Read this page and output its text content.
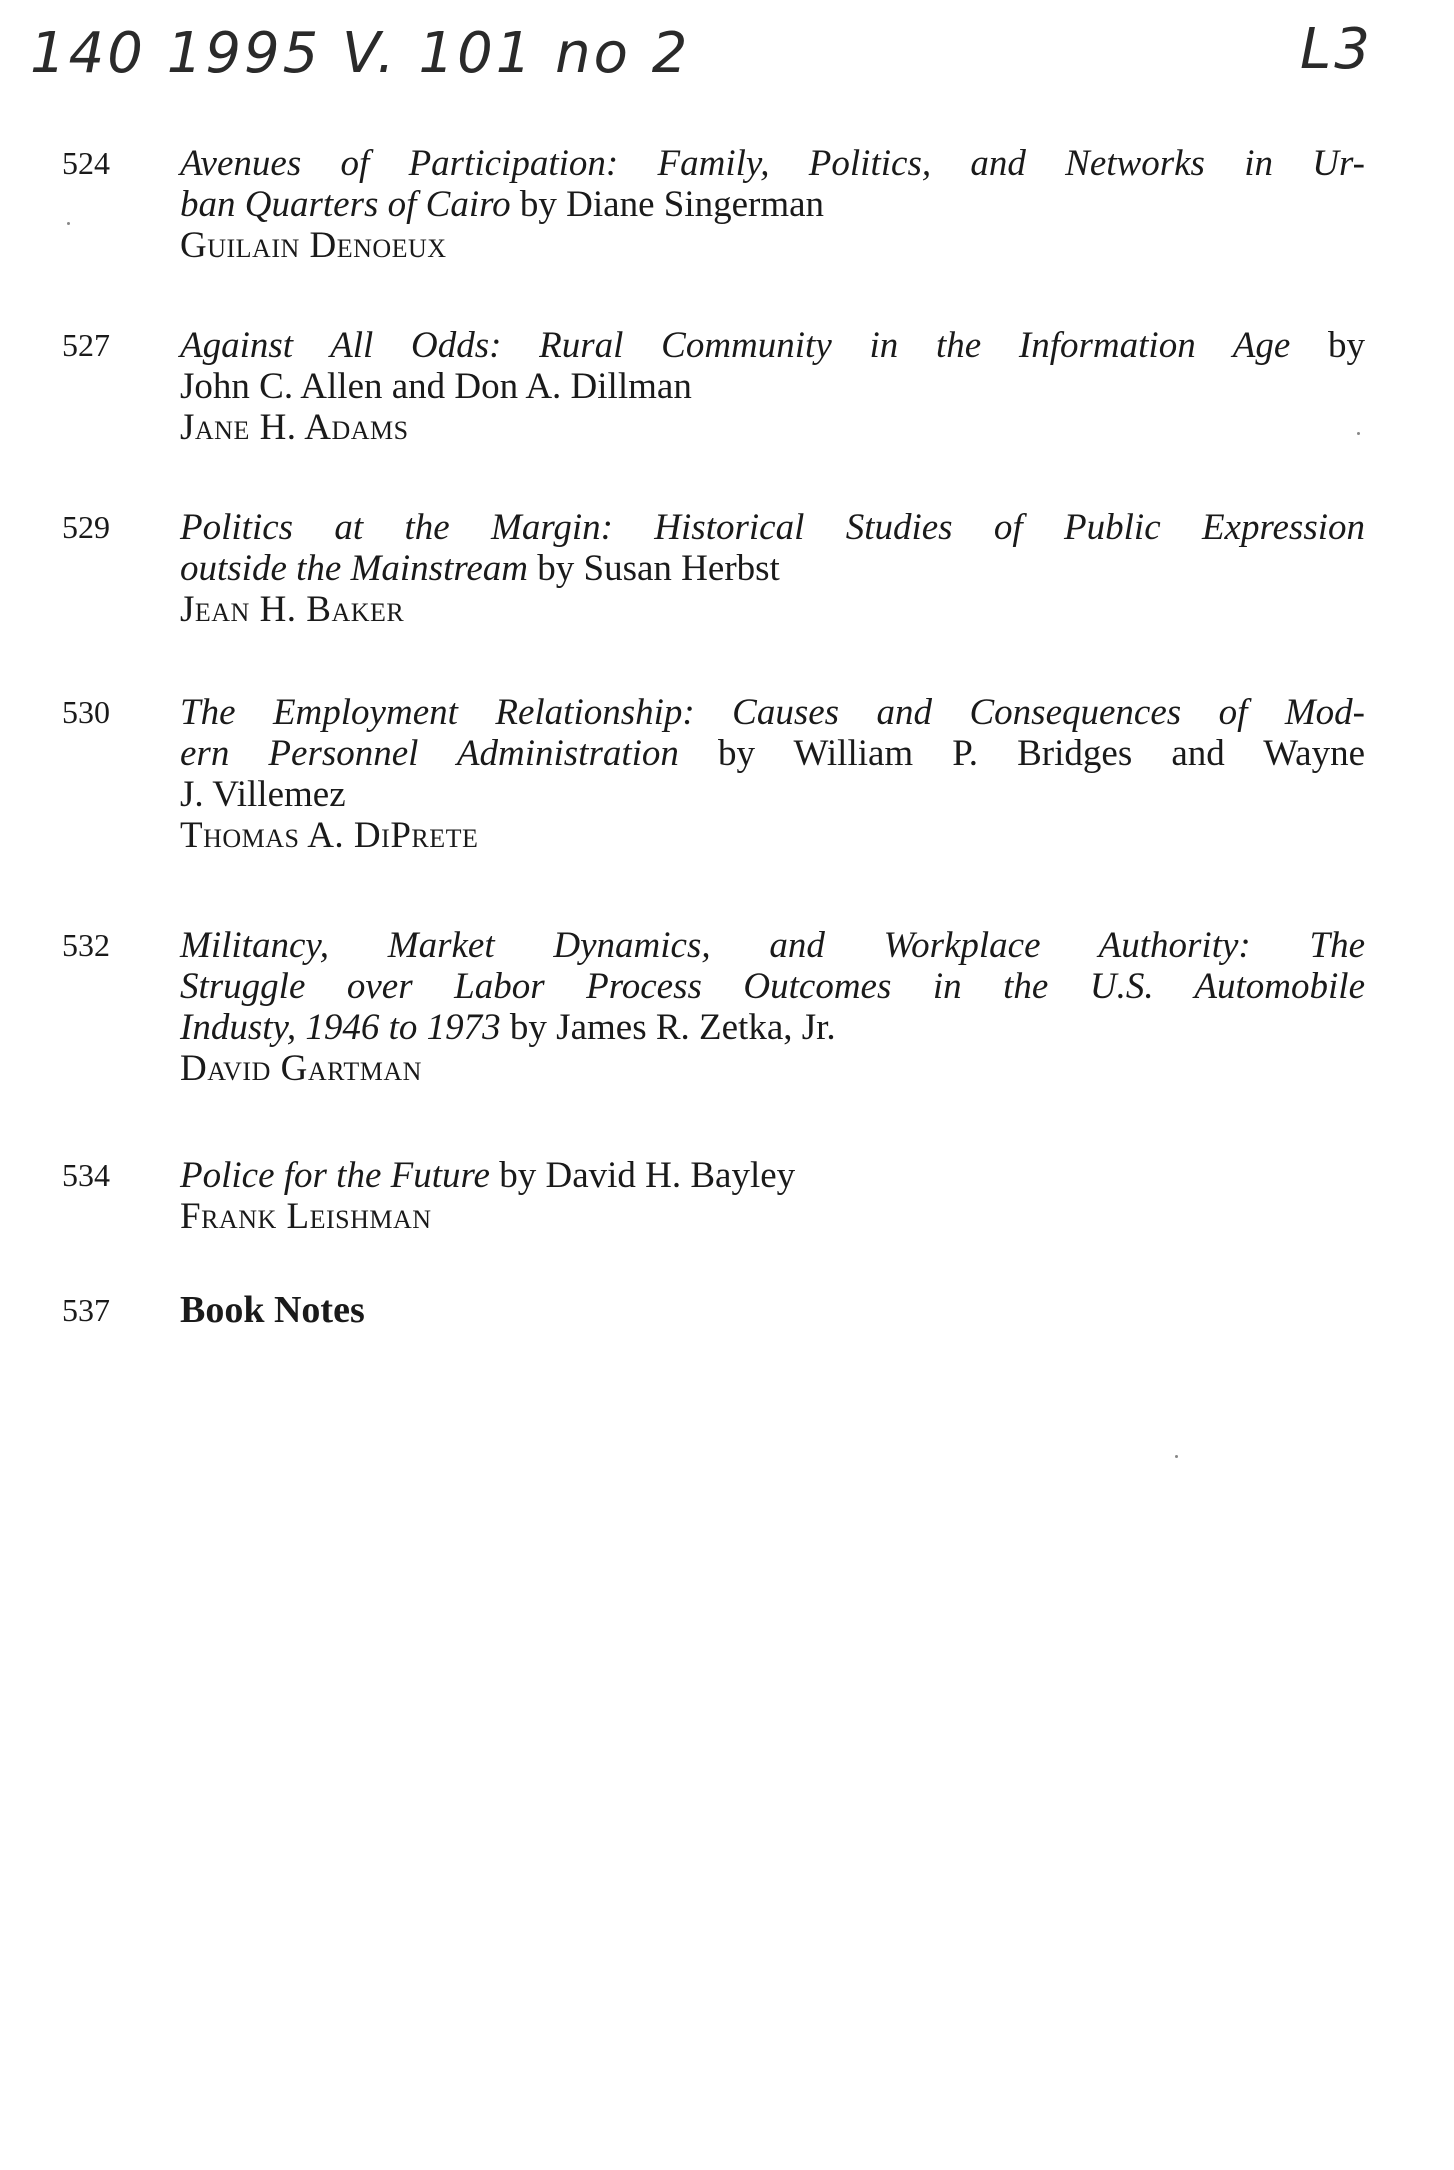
140 1995 V. 101 no 2	L3
524 Avenues of Participation: Family, Politics, and Networks in Ur-
ban Quarters of Cairo by Diane Singerman
Guilain Denoeux
527 Against All Odds: Rural Community in the Information Age by
John C. Allen and Don A. Dillman
Jane H. Adams
529 Politics at the Margin: Historical Studies of Public Expression
outside the Mainstream by Susan Herbst
Jean H. Baker
530 The Employment Relationship: Causes and Consequences of Mod-
ern Personnel Administration by William P. Bridges and Wayne
J. Villemez
Thomas A. DiPrete
532 Militancy, Market Dynamics, and Workplace Authority: The
Struggle over Labor Process Outcomes in the U.S. Automobile
Industy, 1946 to 1973 by James R. Zetka, Jr.
David Gartman
534 Police for the Future by David H. Bayley
Frank Leishman
537 Book Notes
